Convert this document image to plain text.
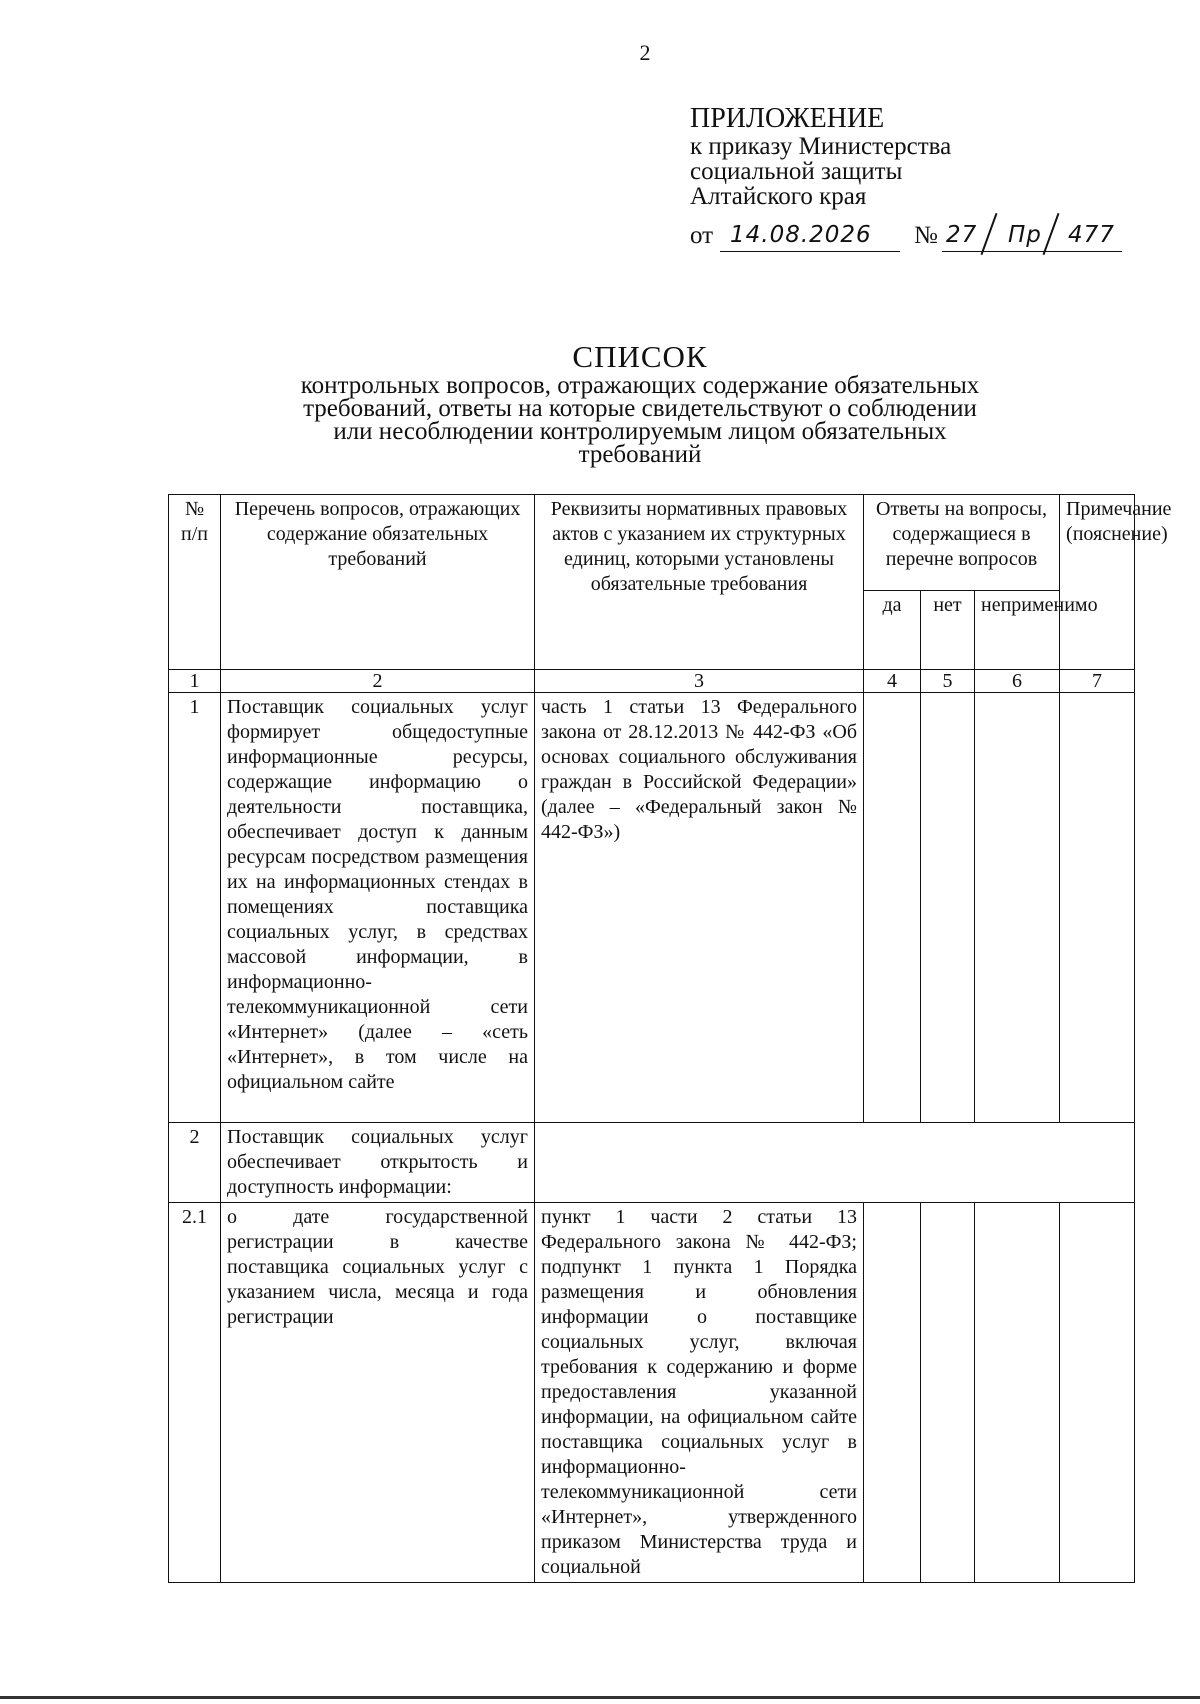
2
ПРИЛОЖЕНИЕ
к приказу Министерства
социальной защиты
Алтайского края
от 14.08.2026 № 27 Пр 477
СПИСОК
контрольных вопросов, отражающих содержание обязательных
требований, ответы на которые свидетельствуют о соблюдении
или несоблюдении контролируемым лицом обязательных
требований
№ п/п	Перечень вопросов, отражающих содержание обязательных требований	Реквизиты нормативных правовых актов с указанием их структурных единиц, которыми установлены обязательные требования	Ответы на вопросы, содержащиеся в перечне вопросов			Примечание (пояснение)
			да	нет	неприменимо	
1	2	3	4	5	6	7
1	Поставщик социальных услуг формирует общедоступные информационные ресурсы, содержащие информацию о деятельности поставщика, обеспечивает доступ к данным ресурсам посредством размещения их на информационных стендах в помещениях поставщика социальных услуг, в средствах массовой информации, в информационно-телекоммуникационной сети «Интернет» (далее – «сеть «Интернет», в том числе на официальном сайте	часть 1 статьи 13 Федерального закона от 28.12.2013 № 442-ФЗ «Об основах социального обслуживания граждан в Российской Федерации» (далее – «Федеральный закон № 442-ФЗ»)				
2	Поставщик социальных услуг обеспечивает открытость и доступность информации:					
2.1	о дате государственной регистрации в качестве поставщика социальных услуг с указанием числа, месяца и года регистрации	пункт 1 части 2 статьи 13 Федерального закона № 442-ФЗ; подпункт 1 пункта 1 Порядка размещения и обновления информации о поставщике социальных услуг, включая требования к содержанию и форме предоставления указанной информации, на официальном сайте поставщика социальных услуг в информационно-телекоммуникационной сети «Интернет», утвержденного приказом Министерства труда и социальной				
